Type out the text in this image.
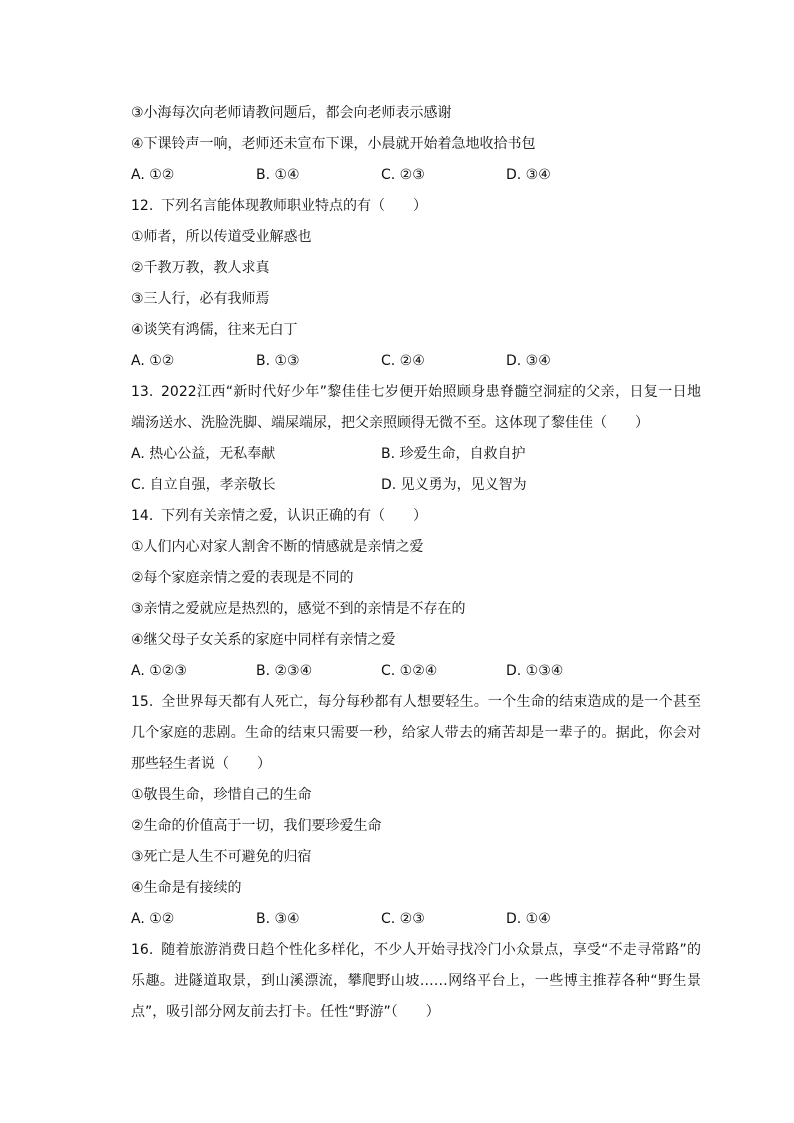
③小海每次向老师请教问题后，都会向老师表示感谢
④下课铃声一响，老师还未宣布下课，小晨就开始着急地收拾书包
A. ①②	B. ①④	C. ②③	D. ③④
12. 下列名言能体现教师职业特点的有（　　）
①师者，所以传道受业解惑也
②千教万教，教人求真
③三人行，必有我师焉
④谈笑有鸿儒，往来无白丁
A. ①②	B. ①③	C. ②④	D. ③④
13. 2022江西“新时代好少年”黎佳佳七岁便开始照顾身患脊髓空洞症的父亲，日复一日地端汤送水、洗脸洗脚、端屎端尿，把父亲照顾得无微不至。这体现了黎佳佳（　　）
A. 热心公益，无私奉献	B. 珍爱生命，自救自护
C. 自立自强，孝亲敬长	D. 见义勇为，见义智为
14. 下列有关亲情之爱，认识正确的有（　　）
①人们内心对家人割舍不断的情感就是亲情之爱
②每个家庭亲情之爱的表现是不同的
③亲情之爱就应是热烈的，感觉不到的亲情是不存在的
④继父母子女关系的家庭中同样有亲情之爱
A. ①②③	B. ②③④	C. ①②④	D. ①③④
15. 全世界每天都有人死亡，每分每秒都有人想要轻生。一个生命的结束造成的是一个甚至几个家庭的悲剧。生命的结束只需要一秒，给家人带去的痛苦却是一辈子的。据此，你会对那些轻生者说（　　）
①敬畏生命，珍惜自己的生命
②生命的价值高于一切，我们要珍爱生命
③死亡是人生不可避免的归宿
④生命是有接续的
A. ①②	B. ③④	C. ②③	D. ①④
16. 随着旅游消费日趋个性化多样化，不少人开始寻找冷门小众景点，享受“不走寻常路”的乐趣。进隧道取景，到山溪漂流，攀爬野山坡……网络平台上，一些博主推荐各种“野生景点”，吸引部分网友前去打卡。任性“野游”（　　）
